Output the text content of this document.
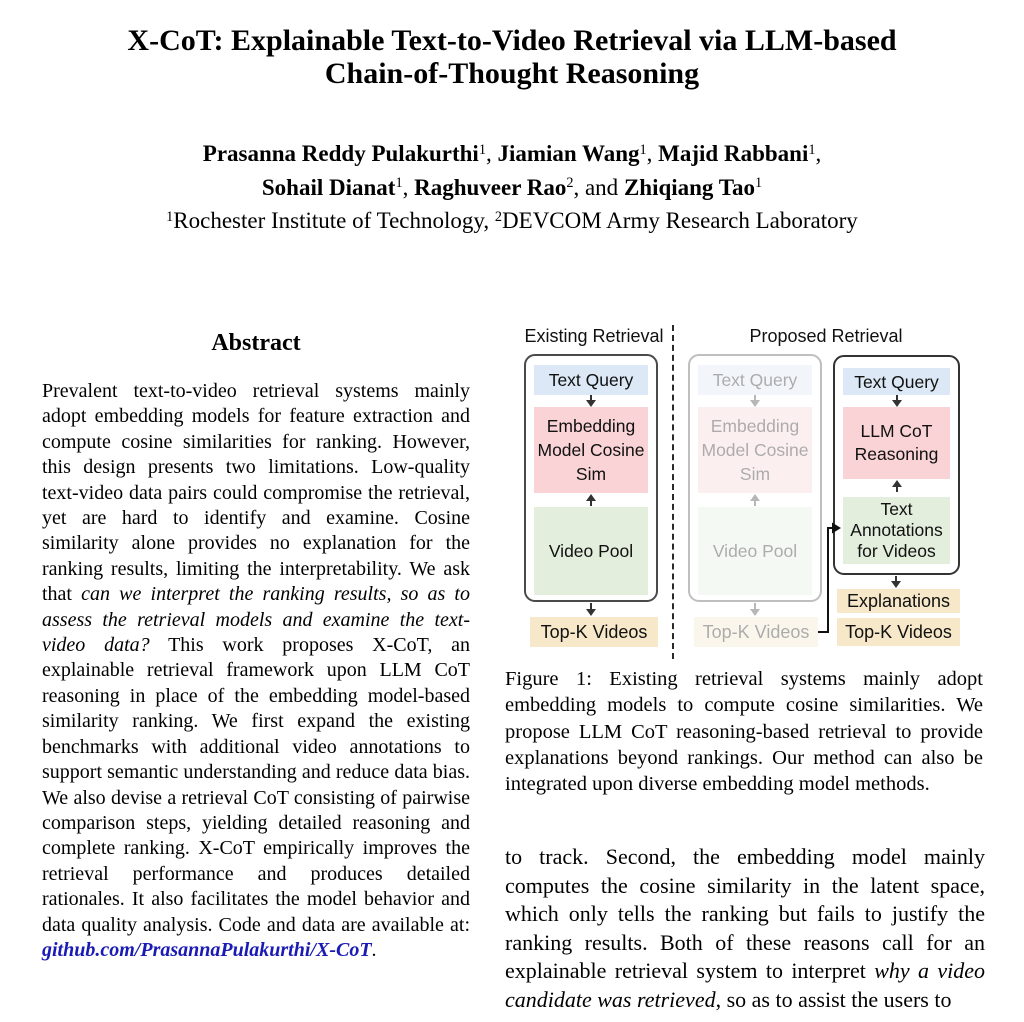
X-CoT: Explainable Text-to-Video Retrieval via LLM-based
Chain-of-Thought Reasoning
Prasanna Reddy Pulakurthi$^1$, Jiamian Wang$^1$, Majid Rabbani$^1$,
Sohail Dianat$^1$, Raghuveer Rao$^2$, and Zhiqiang Tao$^1$
$^1$Rochester Institute of Technology, $^2$DEVCOM Army Research Laboratory
Abstract
Prevalent text-to-video retrieval systems mainly adopt embedding models for feature extraction and compute cosine similarities for ranking. However, this design presents two limitations. Low-quality text-video data pairs could compromise the retrieval, yet are hard to identify and examine. Cosine similarity alone provides no explanation for the ranking results, limiting the interpretability. We ask that can we interpret the ranking results, so as to assess the retrieval models and examine the text-video data? This work proposes X-CoT, an explainable retrieval framework upon LLM CoT reasoning in place of the embedding model-based similarity ranking. We first expand the existing benchmarks with additional video annotations to support semantic understanding and reduce data bias. We also devise a retrieval CoT consisting of pairwise comparison steps, yielding detailed reasoning and complete ranking. X-CoT empirically improves the retrieval performance and produces detailed rationales. It also facilitates the model behavior and data quality analysis. Code and data are available at: github.com/PrasannaPulakurthi/X-CoT.
Existing Retrieval	Proposed Retrieval
Text Query
Embedding Model Cosine Sim
Video Pool
Top-K Videos
Text Query
Embedding Model Cosine Sim
Video Pool
Top-K Videos
Text Query
LLM CoT Reasoning
Text Annotations for Videos
Explanations
Top-K Videos
Figure 1: Existing retrieval systems mainly adopt embedding models to compute cosine similarities. We propose LLM CoT reasoning-based retrieval to provide explanations beyond rankings. Our method can also be integrated upon diverse embedding model methods.
to track. Second, the embedding model mainly computes the cosine similarity in the latent space, which only tells the ranking but fails to justify the ranking results. Both of these reasons call for an explainable retrieval system to interpret why a video candidate was retrieved, so as to assist the users to
